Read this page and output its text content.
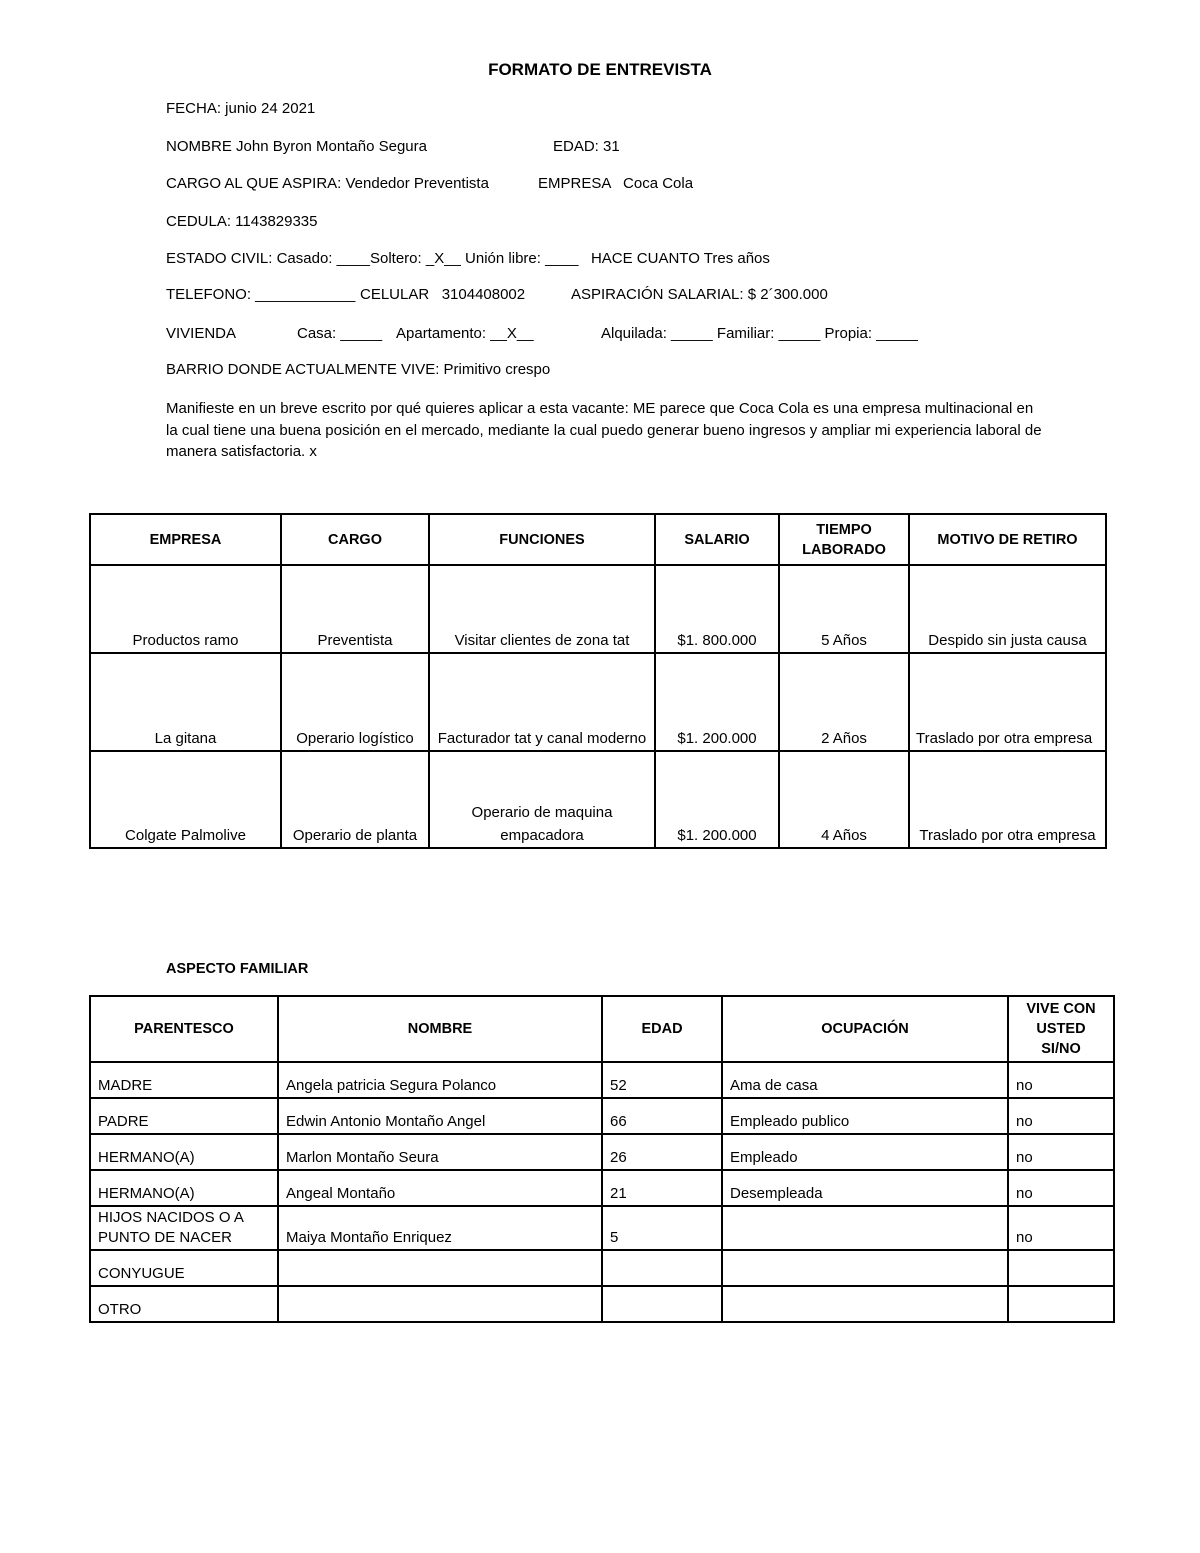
FORMATO DE ENTREVISTA
FECHA: junio 24 2021
NOMBRE John Byron Montaño Segura	EDAD: 31
CARGO AL QUE ASPIRA: Vendedor Preventista	EMPRESA   Coca Cola
CEDULA: 1143829335
ESTADO CIVIL: Casado: ____Soltero: _X__ Unión libre: ____   HACE CUANTO Tres años
TELEFONO: ____________ CELULAR   3104408002	ASPIRACIÓN SALARIAL: $ 2´300.000
VIVIENDA	Casa: _____ Apartamento: __X__	Alquilada: _____ Familiar: _____ Propia: _____
BARRIO DONDE ACTUALMENTE VIVE: Primitivo crespo
Manifieste en un breve escrito por qué quieres aplicar a esta vacante: ME parece que Coca Cola es una empresa multinacional en la cual tiene una buena posición en el mercado, mediante la cual puedo generar bueno ingresos y ampliar mi experiencia laboral de manera satisfactoria. x
EMPRESA	CARGO	FUNCIONES	SALARIO	TIEMPO LABORADO	MOTIVO DE RETIRO
Productos ramo	Preventista	Visitar clientes de zona tat	$1. 800.000	5 Años	Despido sin justa causa
La gitana	Operario logístico	Facturador tat y canal moderno	$1. 200.000	2 Años	Traslado por otra empresa
Colgate Palmolive	Operario de planta	Operario de maquina empacadora	$1. 200.000	4 Años	Traslado por otra empresa
ASPECTO FAMILIAR
PARENTESCO	NOMBRE	EDAD	OCUPACIÓN	VIVE CON USTED SI/NO
MADRE	Angela patricia Segura Polanco	52	Ama de casa	no
PADRE	Edwin Antonio Montaño Angel	66	Empleado publico	no
HERMANO(A)	Marlon Montaño Seura	26	Empleado	no
HERMANO(A)	Angeal Montaño	21	Desempleada	no
HIJOS NACIDOS O A PUNTO DE NACER	Maiya Montaño Enriquez	5		no
CONYUGUE				
OTRO				
